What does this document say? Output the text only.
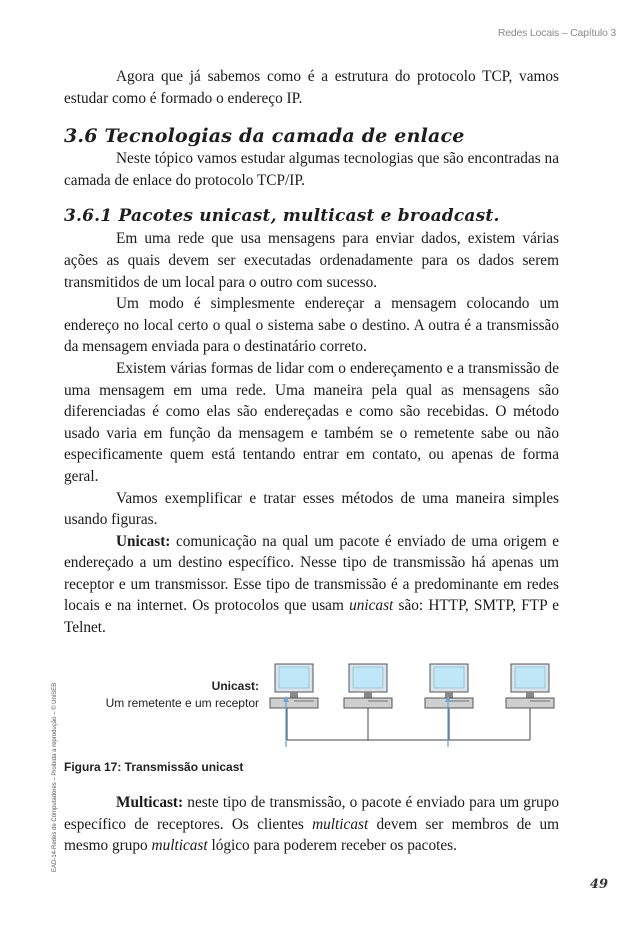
Redes Locais – Capítulo 3
EAD-14-Redes de Computadores – Proibida a reprodução – © UniSEB

Agora que já sabemos como é a estrutura do protocolo TCP, vamos estudar como é formado o endereço IP.

3.6 Tecnologias da camada de enlace

Neste tópico vamos estudar algumas tecnologias que são encontradas na camada de enlace do protocolo TCP/IP.

3.6.1 Pacotes unicast, multicast e broadcast.

Em uma rede que usa mensagens para enviar dados, existem várias ações as quais devem ser executadas ordenadamente para os dados serem transmitidos de um local para o outro com sucesso.

Um modo é simplesmente endereçar a mensagem colocando um endereço no local certo o qual o sistema sabe o destino. A outra é a transmissão da mensagem enviada para o destinatário correto.

Existem várias formas de lidar com o endereçamento e a transmissão de uma mensagem em uma rede. Uma maneira pela qual as mensagens são diferenciadas é como elas são endereçadas e como são recebidas. O método usado varia em função da mensagem e também se o remetente sabe ou não especificamente quem está tentando entrar em contato, ou apenas de forma geral.

Vamos exemplificar e tratar esses métodos de uma maneira simples usando figuras.

Unicast: comunicação na qual um pacote é enviado de uma origem e endereçado a um destino específico. Nesse tipo de transmissão há apenas um receptor e um transmissor. Esse tipo de transmissão é a predominante em redes locais e na internet. Os protocolos que usam unicast são: HTTP, SMTP, FTP e Telnet.

Unicast:
Um remetente e um receptor
Figura 17: Transmissão unicast

Multicast: neste tipo de transmissão, o pacote é enviado para um grupo específico de receptores. Os clientes multicast devem ser membros de um mesmo grupo multicast lógico para poderem receber os pacotes.

49
